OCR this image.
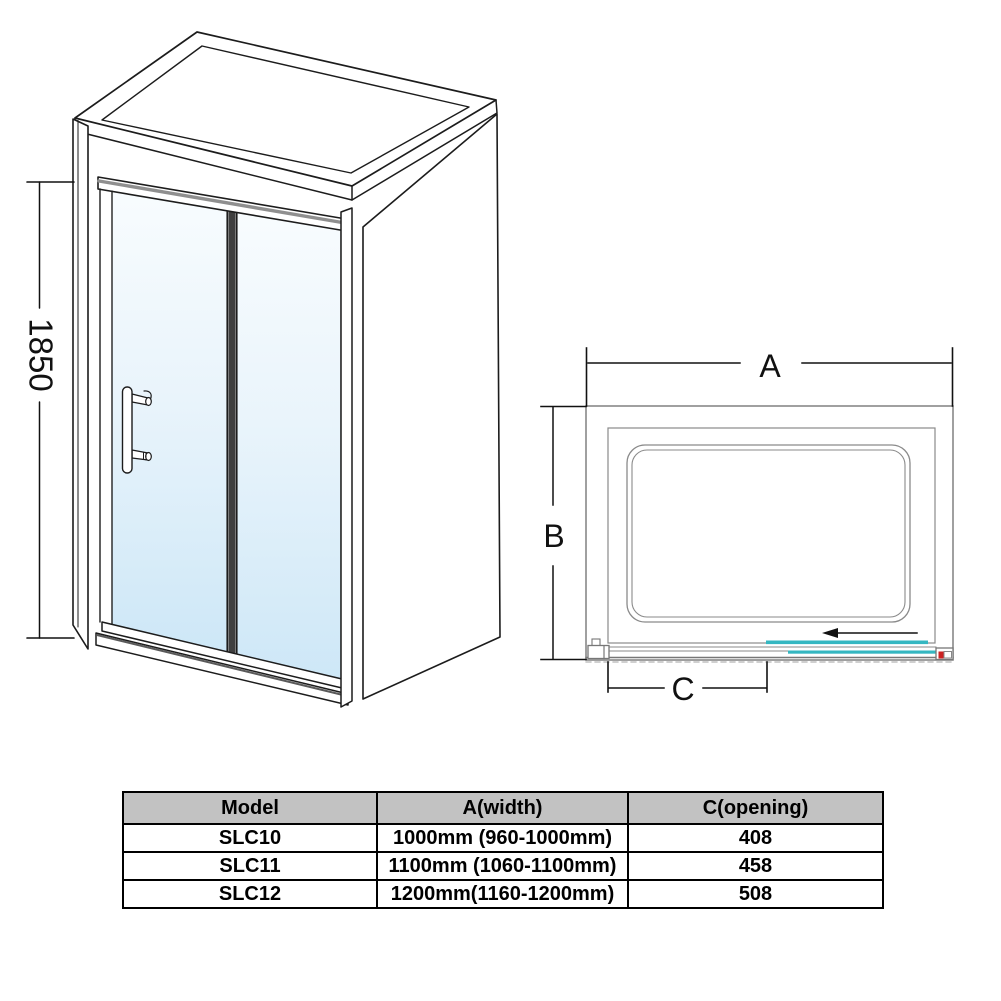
1850	A
B
C
Model	A(width)	C(opening)
SLC10	1000mm (960-1000mm)	408
SLC11	1100mm (1060-1100mm)	458
SLC12	1200mm(1160-1200mm)	508
